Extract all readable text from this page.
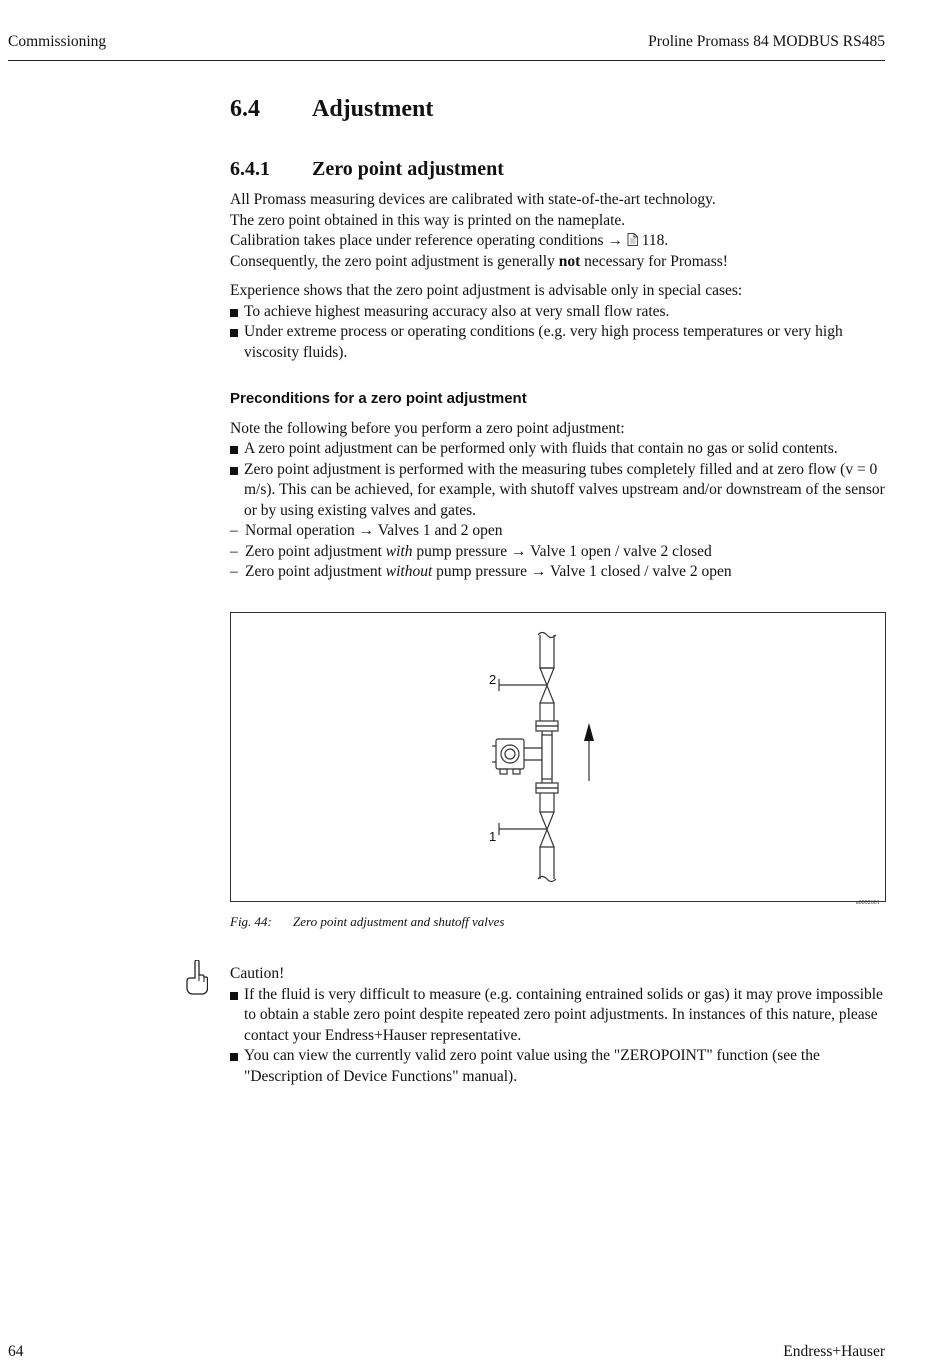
Commissioning	Proline Promass 84 MODBUS RS485
6.4 Adjustment
6.4.1 Zero point adjustment

All Promass measuring devices are calibrated with state-of-the-art technology.

The zero point obtained in this way is printed on the nameplate.

Calibration takes place under reference operating conditions →  118.

Consequently, the zero point adjustment is generally not necessary for Promass!

Experience shows that the zero point adjustment is advisable only in special cases:

To achieve highest measuring accuracy also at very small flow rates.
Under extreme process or operating conditions (e.g. very high process temperatures or very high viscosity fluids).

Preconditions for a zero point adjustment

Note the following before you perform a zero point adjustment:

A zero point adjustment can be performed only with fluids that contain no gas or solid contents.
Zero point adjustment is performed with the measuring tubes completely filled and at zero flow (v = 0 m/s). This can be achieved, for example, with shutoff valves upstream and/or downstream of the sensor or by using existing valves and gates.
– Normal operation → Valves 1 and 2 open
– Zero point adjustment with pump pressure → Valve 1 open / valve 2 closed
– Zero point adjustment without pump pressure → Valve 1 closed / valve 2 open
2
1
a0002601
Fig. 44: Zero point adjustment and shutoff valves

Caution!

If the fluid is very difficult to measure (e.g. containing entrained solids or gas) it may prove impossible to obtain a stable zero point despite repeated zero point adjustments. In instances of this nature, please contact your Endress+Hauser representative.
You can view the currently valid zero point value using the "ZEROPOINT" function (see the "Description of Device Functions" manual).
64	Endress+Hauser
